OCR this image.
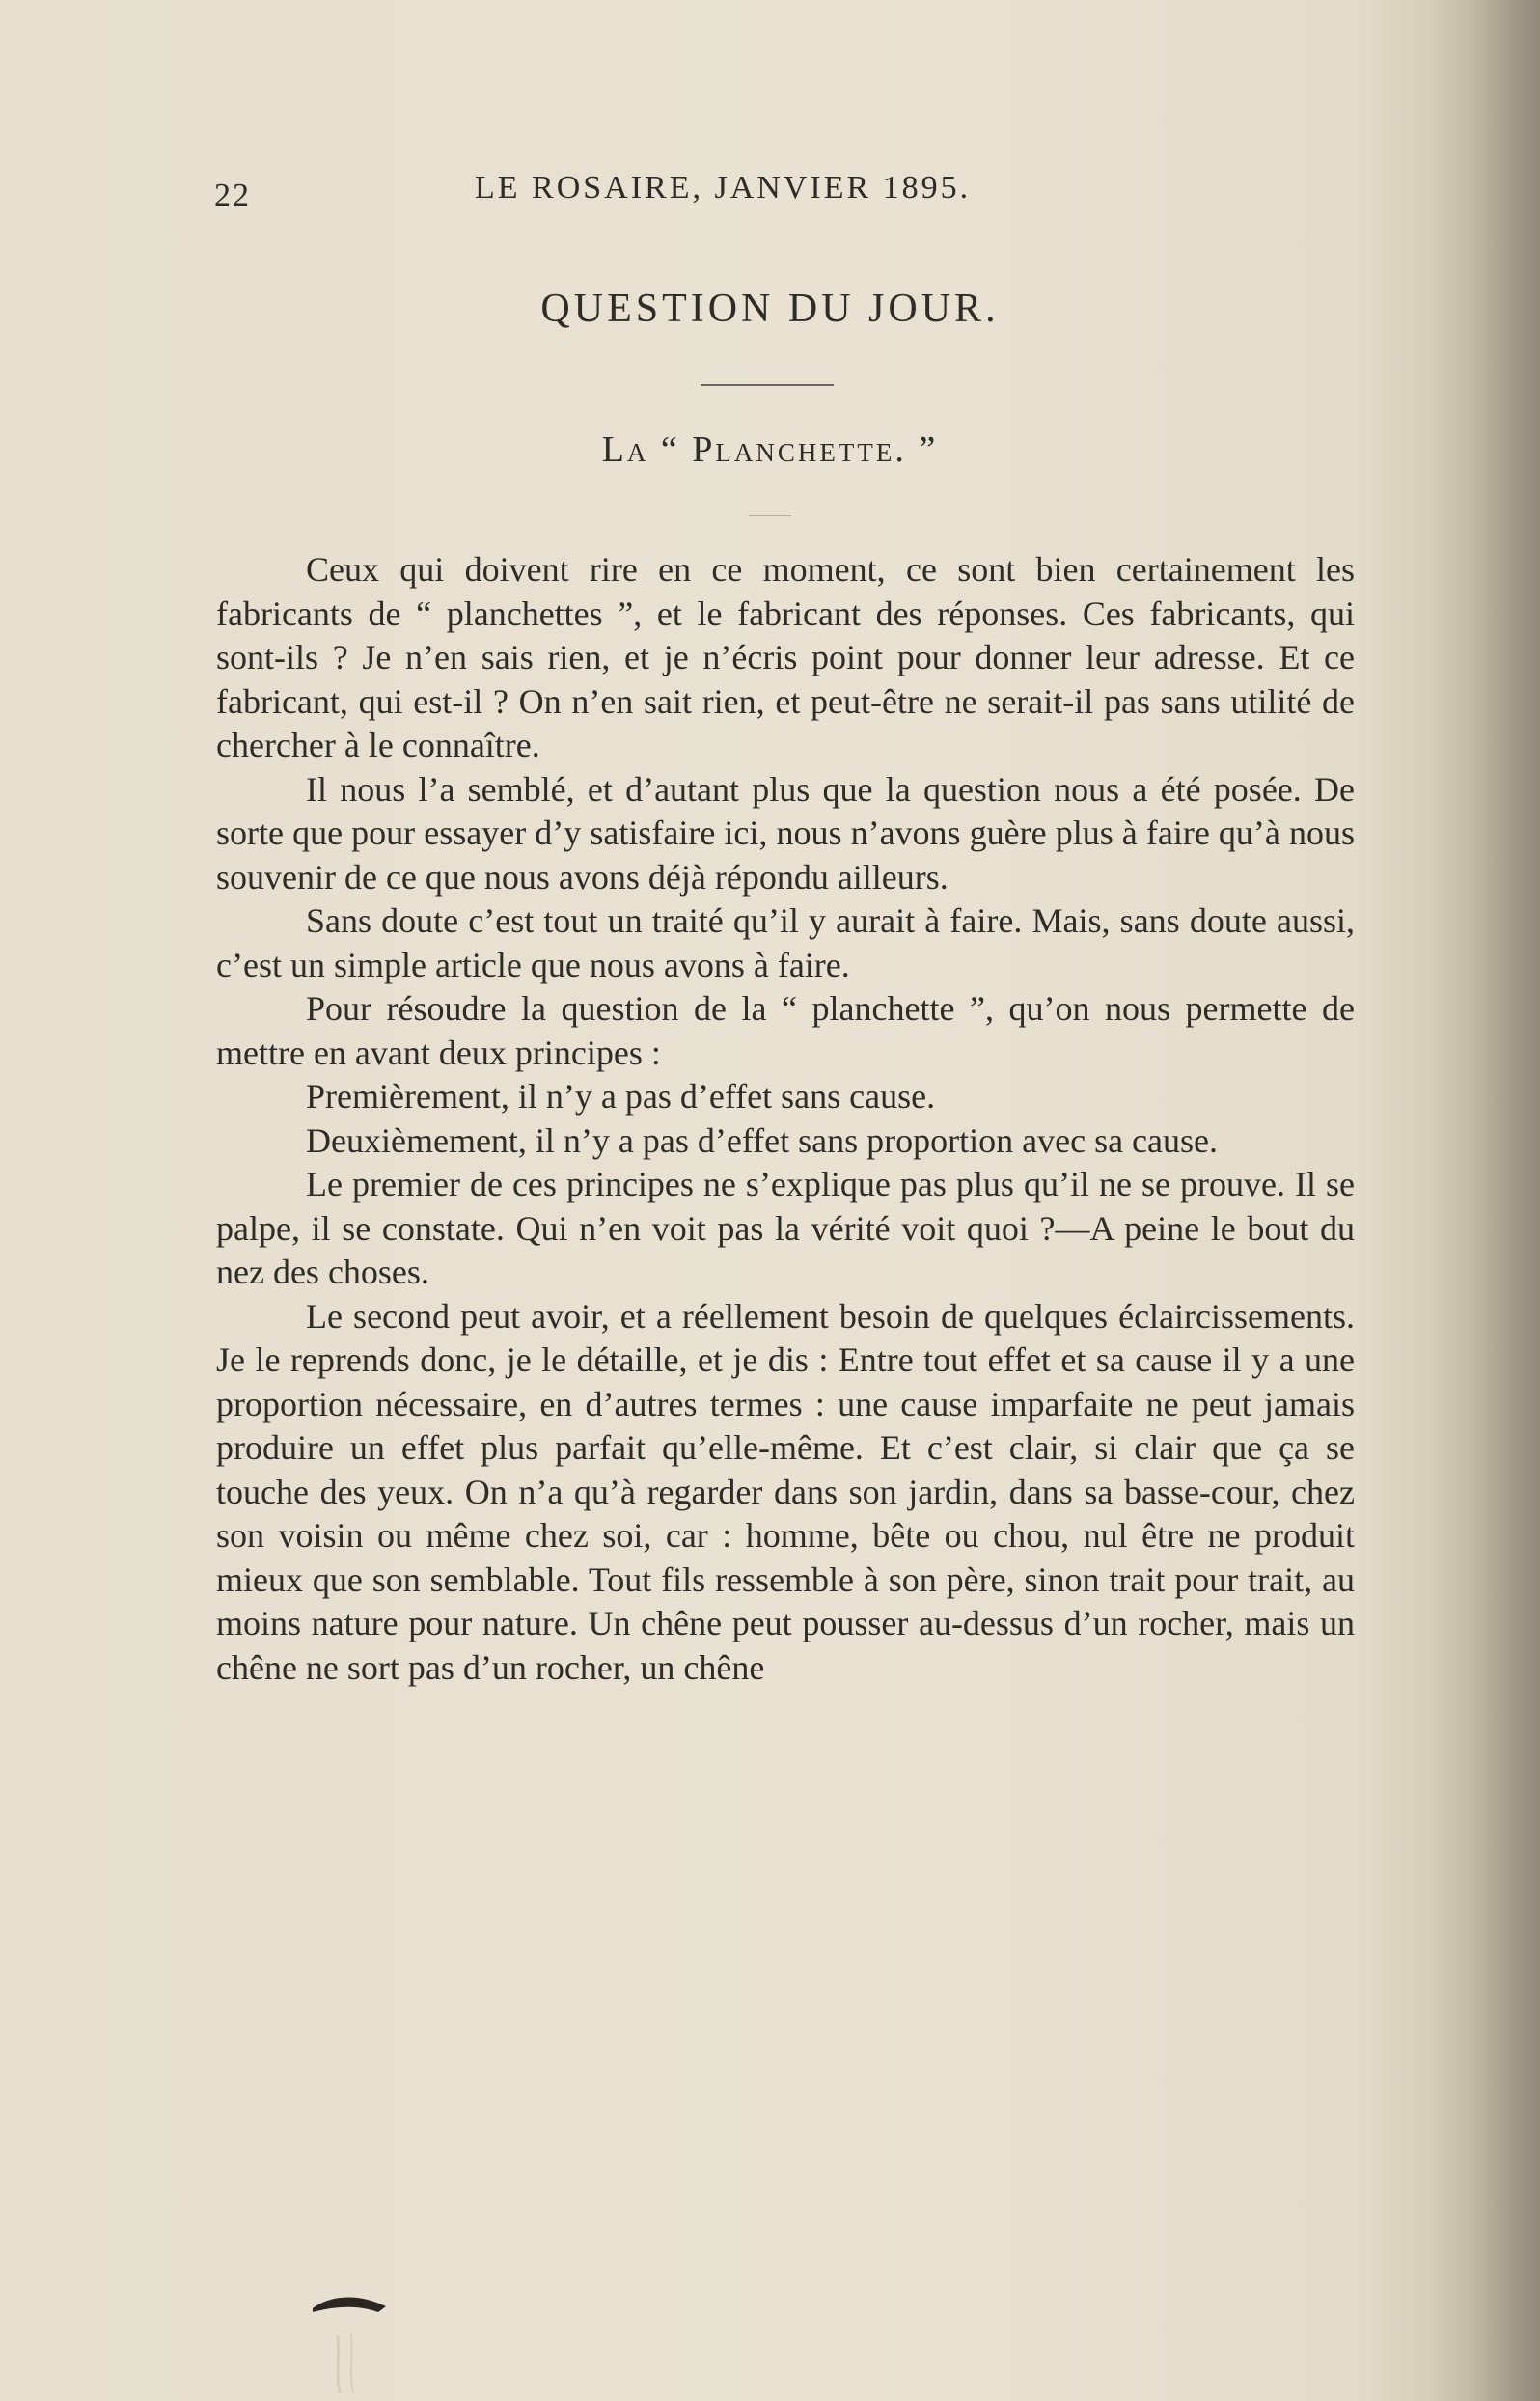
22	LE ROSAIRE, JANVIER 1895.
QUESTION DU JOUR.
La “ Planchette. ”

Ceux qui doivent rire en ce moment, ce sont bien certainement les fabricants de “ planchettes ”, et le fabricant des réponses. Ces fabricants, qui sont-ils ? Je n’en sais rien, et je n’écris point pour donner leur adresse. Et ce fabricant, qui est-il ? On n’en sait rien, et peut-être ne serait-il pas sans utilité de chercher à le connaître.

Il nous l’a semblé, et d’autant plus que la question nous a été posée. De sorte que pour essayer d’y satisfaire ici, nous n’avons guère plus à faire qu’à nous souvenir de ce que nous avons déjà répondu ailleurs.

Sans doute c’est tout un traité qu’il y aurait à faire. Mais, sans doute aussi, c’est un simple article que nous avons à faire.

Pour résoudre la question de la “ planchette ”, qu’on nous permette de mettre en avant deux principes :

Premièrement, il n’y a pas d’effet sans cause.

Deuxièmement, il n’y a pas d’effet sans proportion avec sa cause.

Le premier de ces principes ne s’explique pas plus qu’il ne se prouve. Il se palpe, il se constate. Qui n’en voit pas la vérité voit quoi ?—A peine le bout du nez des choses.

Le second peut avoir, et a réellement besoin de quelques éclaircissements. Je le reprends donc, je le détaille, et je dis : Entre tout effet et sa cause il y a une proportion nécessaire, en d’autres termes : une cause imparfaite ne peut jamais produire un effet plus parfait qu’elle-même. Et c’est clair, si clair que ça se touche des yeux. On n’a qu’à regarder dans son jardin, dans sa basse-cour, chez son voisin ou même chez soi, car : homme, bête ou chou, nul être ne produit mieux que son semblable. Tout fils ressemble à son père, sinon trait pour trait, au moins nature pour nature. Un chêne peut pousser au-dessus d’un rocher, mais un chêne ne sort pas d’un rocher, un chêne
